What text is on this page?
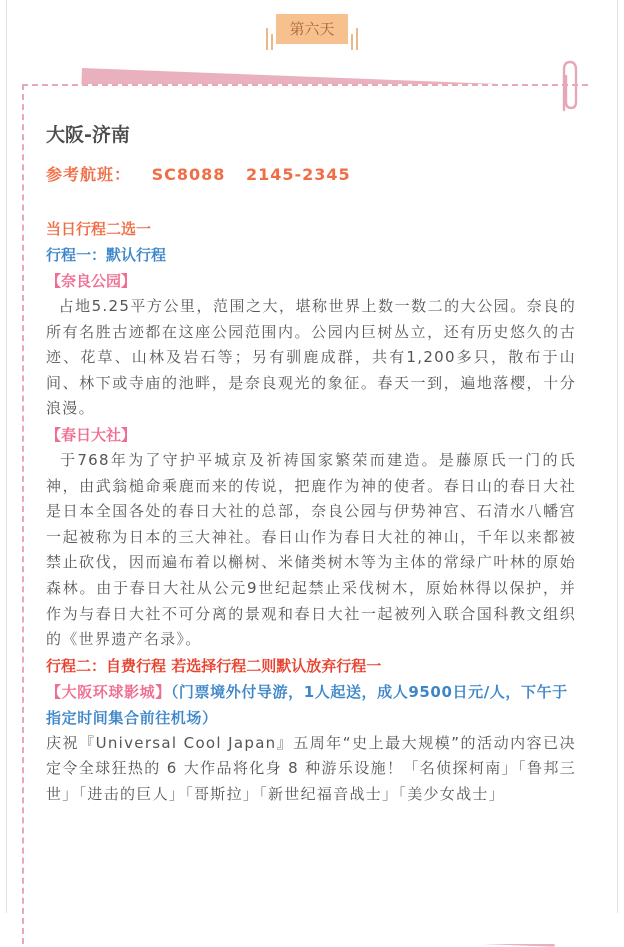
第六天
大阪-济南
参考航班： SC8088 2145-2345
当日行程二选一
行程一：默认行程
【奈良公园】
占地5.25平方公里，范围之大，堪称世界上数一数二的大公园。奈良的所有名胜古迹都在这座公园范围内。公园内巨树丛立，还有历史悠久的古迹、花草、山林及岩石等；另有驯鹿成群，共有1,200多只，散布于山间、林下或寺庙的池畔，是奈良观光的象征。春天一到，遍地落樱，十分浪漫。
【春日大社】
于768年为了守护平城京及祈祷国家繁荣而建造。是藤原氏一门的氏神，由武翁槌命乘鹿而来的传说，把鹿作为神的使者。春日山的春日大社是日本全国各处的春日大社的总部，奈良公园与伊势神宫、石清水八幡宫一起被称为日本的三大神社。春日山作为春日大社的神山，千年以来都被禁止砍伐，因而遍布着以槲树、米储类树木等为主体的常绿广叶林的原始森林。由于春日大社从公元9世纪起禁止采伐树木，原始林得以保护，并作为与春日大社不可分离的景观和春日大社一起被列入联合国科教文组织的《世界遗产名录》。
行程二：自费行程 若选择行程二则默认放弃行程一
【大阪环球影城】（门票境外付导游，1人起送，成人9500日元/人，下午于指定时间集合前往机场）
庆祝『Universal Cool Japan』五周年“史上最大规模”的活动内容已决定令全球狂热的 6 大作品将化身 8 种游乐设施！「名侦探柯南」「鲁邦三世」「进击的巨人」「哥斯拉」「新世纪福音战士」「美少女战士」
